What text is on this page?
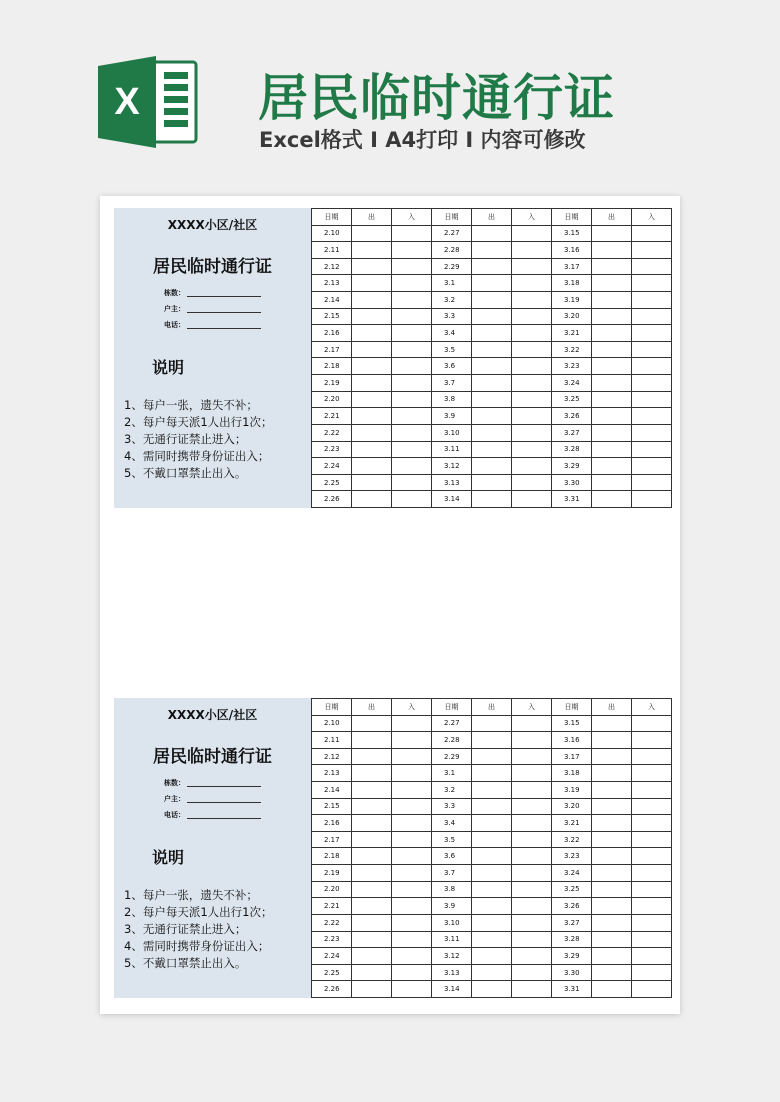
X 居民临时通行证
Excel格式 I A4打印 I 内容可修改
XXXX小区/社区
居民临时通行证
栋数：
户主：
电话：
说明
1、每户一张，遗失不补；
2、每户每天派1人出行1次；
3、无通行证禁止进入；
4、需同时携带身份证出入；
5、不戴口罩禁止出入。
日期	出	入	日期	出	入	日期	出	入
2.10			2.27			3.15		
2.11			2.28			3.16		
2.12			2.29			3.17		
2.13			3.1			3.18		
2.14			3.2			3.19		
2.15			3.3			3.20		
2.16			3.4			3.21		
2.17			3.5			3.22		
2.18			3.6			3.23		
2.19			3.7			3.24		
2.20			3.8			3.25		
2.21			3.9			3.26		
2.22			3.10			3.27		
2.23			3.11			3.28		
2.24			3.12			3.29		
2.25			3.13			3.30		
2.26			3.14			3.31		
XXXX小区/社区
居民临时通行证
栋数：
户主：
电话：
说明
1、每户一张，遗失不补；
2、每户每天派1人出行1次；
3、无通行证禁止进入；
4、需同时携带身份证出入；
5、不戴口罩禁止出入。
日期	出	入	日期	出	入	日期	出	入
2.10			2.27			3.15		
2.11			2.28			3.16		
2.12			2.29			3.17		
2.13			3.1			3.18		
2.14			3.2			3.19		
2.15			3.3			3.20		
2.16			3.4			3.21		
2.17			3.5			3.22		
2.18			3.6			3.23		
2.19			3.7			3.24		
2.20			3.8			3.25		
2.21			3.9			3.26		
2.22			3.10			3.27		
2.23			3.11			3.28		
2.24			3.12			3.29		
2.25			3.13			3.30		
2.26			3.14			3.31		
